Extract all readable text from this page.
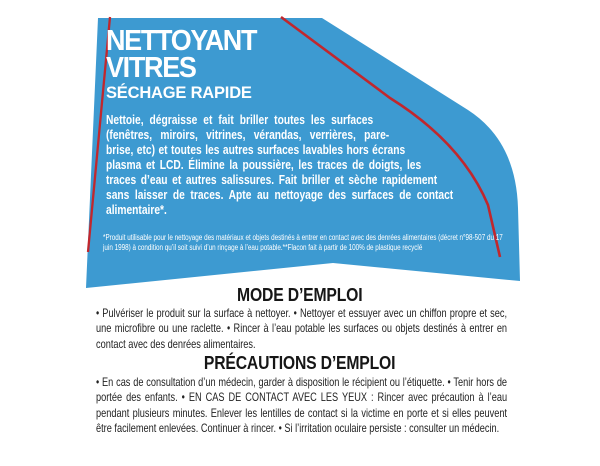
NETTOYANT
VITRES
SÉCHAGE RAPIDE
Nettoie, dégraisse et fait briller toutes les surfaces (fenêtres, miroirs, vitrines, vérandas, verrières, pare-brise, etc) et toutes les autres surfaces lavables hors écrans plasma et LCD. Élimine la poussière, les traces de doigts, les traces d’eau et autres salissures. Fait briller et sèche rapidement sans laisser de traces. Apte au nettoyage des surfaces de contact alimentaire*.
*Produit utilisable pour le nettoyage des matériaux et objets destinés à entrer en contact avec des denrées alimentaires (décret n°98-507 du 17 juin 1998) à condition qu’il soit suivi d’un rinçage à l’eau potable.**Flacon fait à partir de 100% de plastique recyclé
MODE D’EMPLOI
• Pulvériser le produit sur la surface à nettoyer. • Nettoyer et essuyer avec un chiffon propre et sec, une microfibre ou une raclette. • Rincer à l’eau potable les surfaces ou objets destinés à entrer en contact avec des denrées alimentaires.
PRÉCAUTIONS D’EMPLOI
• En cas de consultation d’un médecin, garder à disposition le récipient ou l’étiquette. • Tenir hors de portée des enfants. • EN CAS DE CONTACT AVEC LES YEUX : Rincer avec précaution à l’eau pendant plusieurs minutes. Enlever les lentilles de contact si la victime en porte et si elles peuvent être facilement enlevées. Continuer à rincer. • Si l’irritation oculaire persiste : consulter un médecin.
